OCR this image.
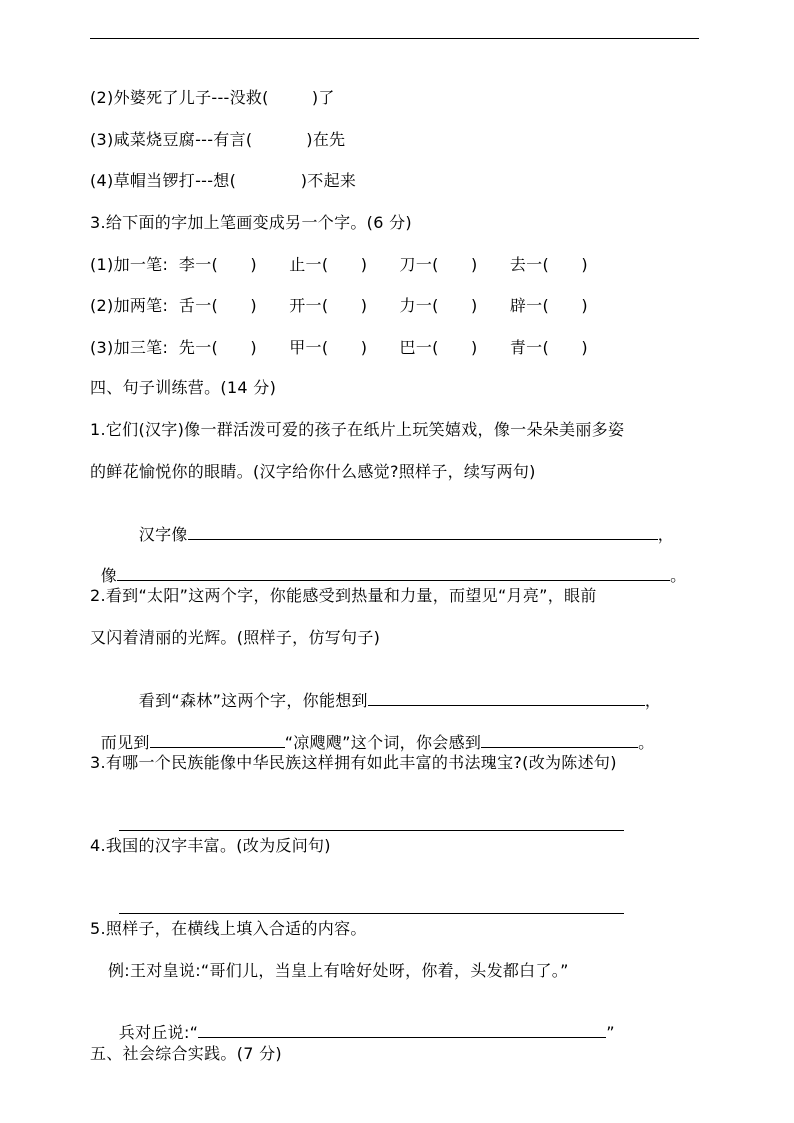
(2)外婆死了儿子---没救(        )了
(3)咸菜烧豆腐---有言(          )在先
(4)草帽当锣打---想(            )不起来
3.给下面的字加上笔画变成另一个字。(6 分)
(1)加一笔:  李一(      )      止一(      )      刀一(      )      去一(      )
(2)加两笔:  舌一(      )      开一(      )      力一(      )      辟一(      )
(3)加三笔:  先一(      )      甲一(      )      巴一(      )      青一(      )
四、句子训练营。(14 分)
1.它们(汉字)像一群活泼可爱的孩子在纸片上玩笑嬉戏，像一朵朵美丽多姿
的鲜花愉悦你的眼睛。(汉字给你什么感觉?照样子，续写两句)

汉字像	，

像	。

2.看到“太阳”这两个字，你能感受到热量和力量，而望见“月亮”，眼前
又闪着清丽的光辉。(照样子，仿写句子)

看到“森林”这两个字，你能想到	，

而见到	“凉飕飕”这个词，你会感到	。

3.有哪一个民族能像中华民族这样拥有如此丰富的书法瑰宝?(改为陈述句)

4.我国的汉字丰富。(改为反问句)

5.照样子，在横线上填入合适的内容。
例:王对皇说:“哥们儿，当皇上有啥好处呀，你着，头发都白了。”

兵对丘说:“	”

五、社会综合实践。(7 分)
